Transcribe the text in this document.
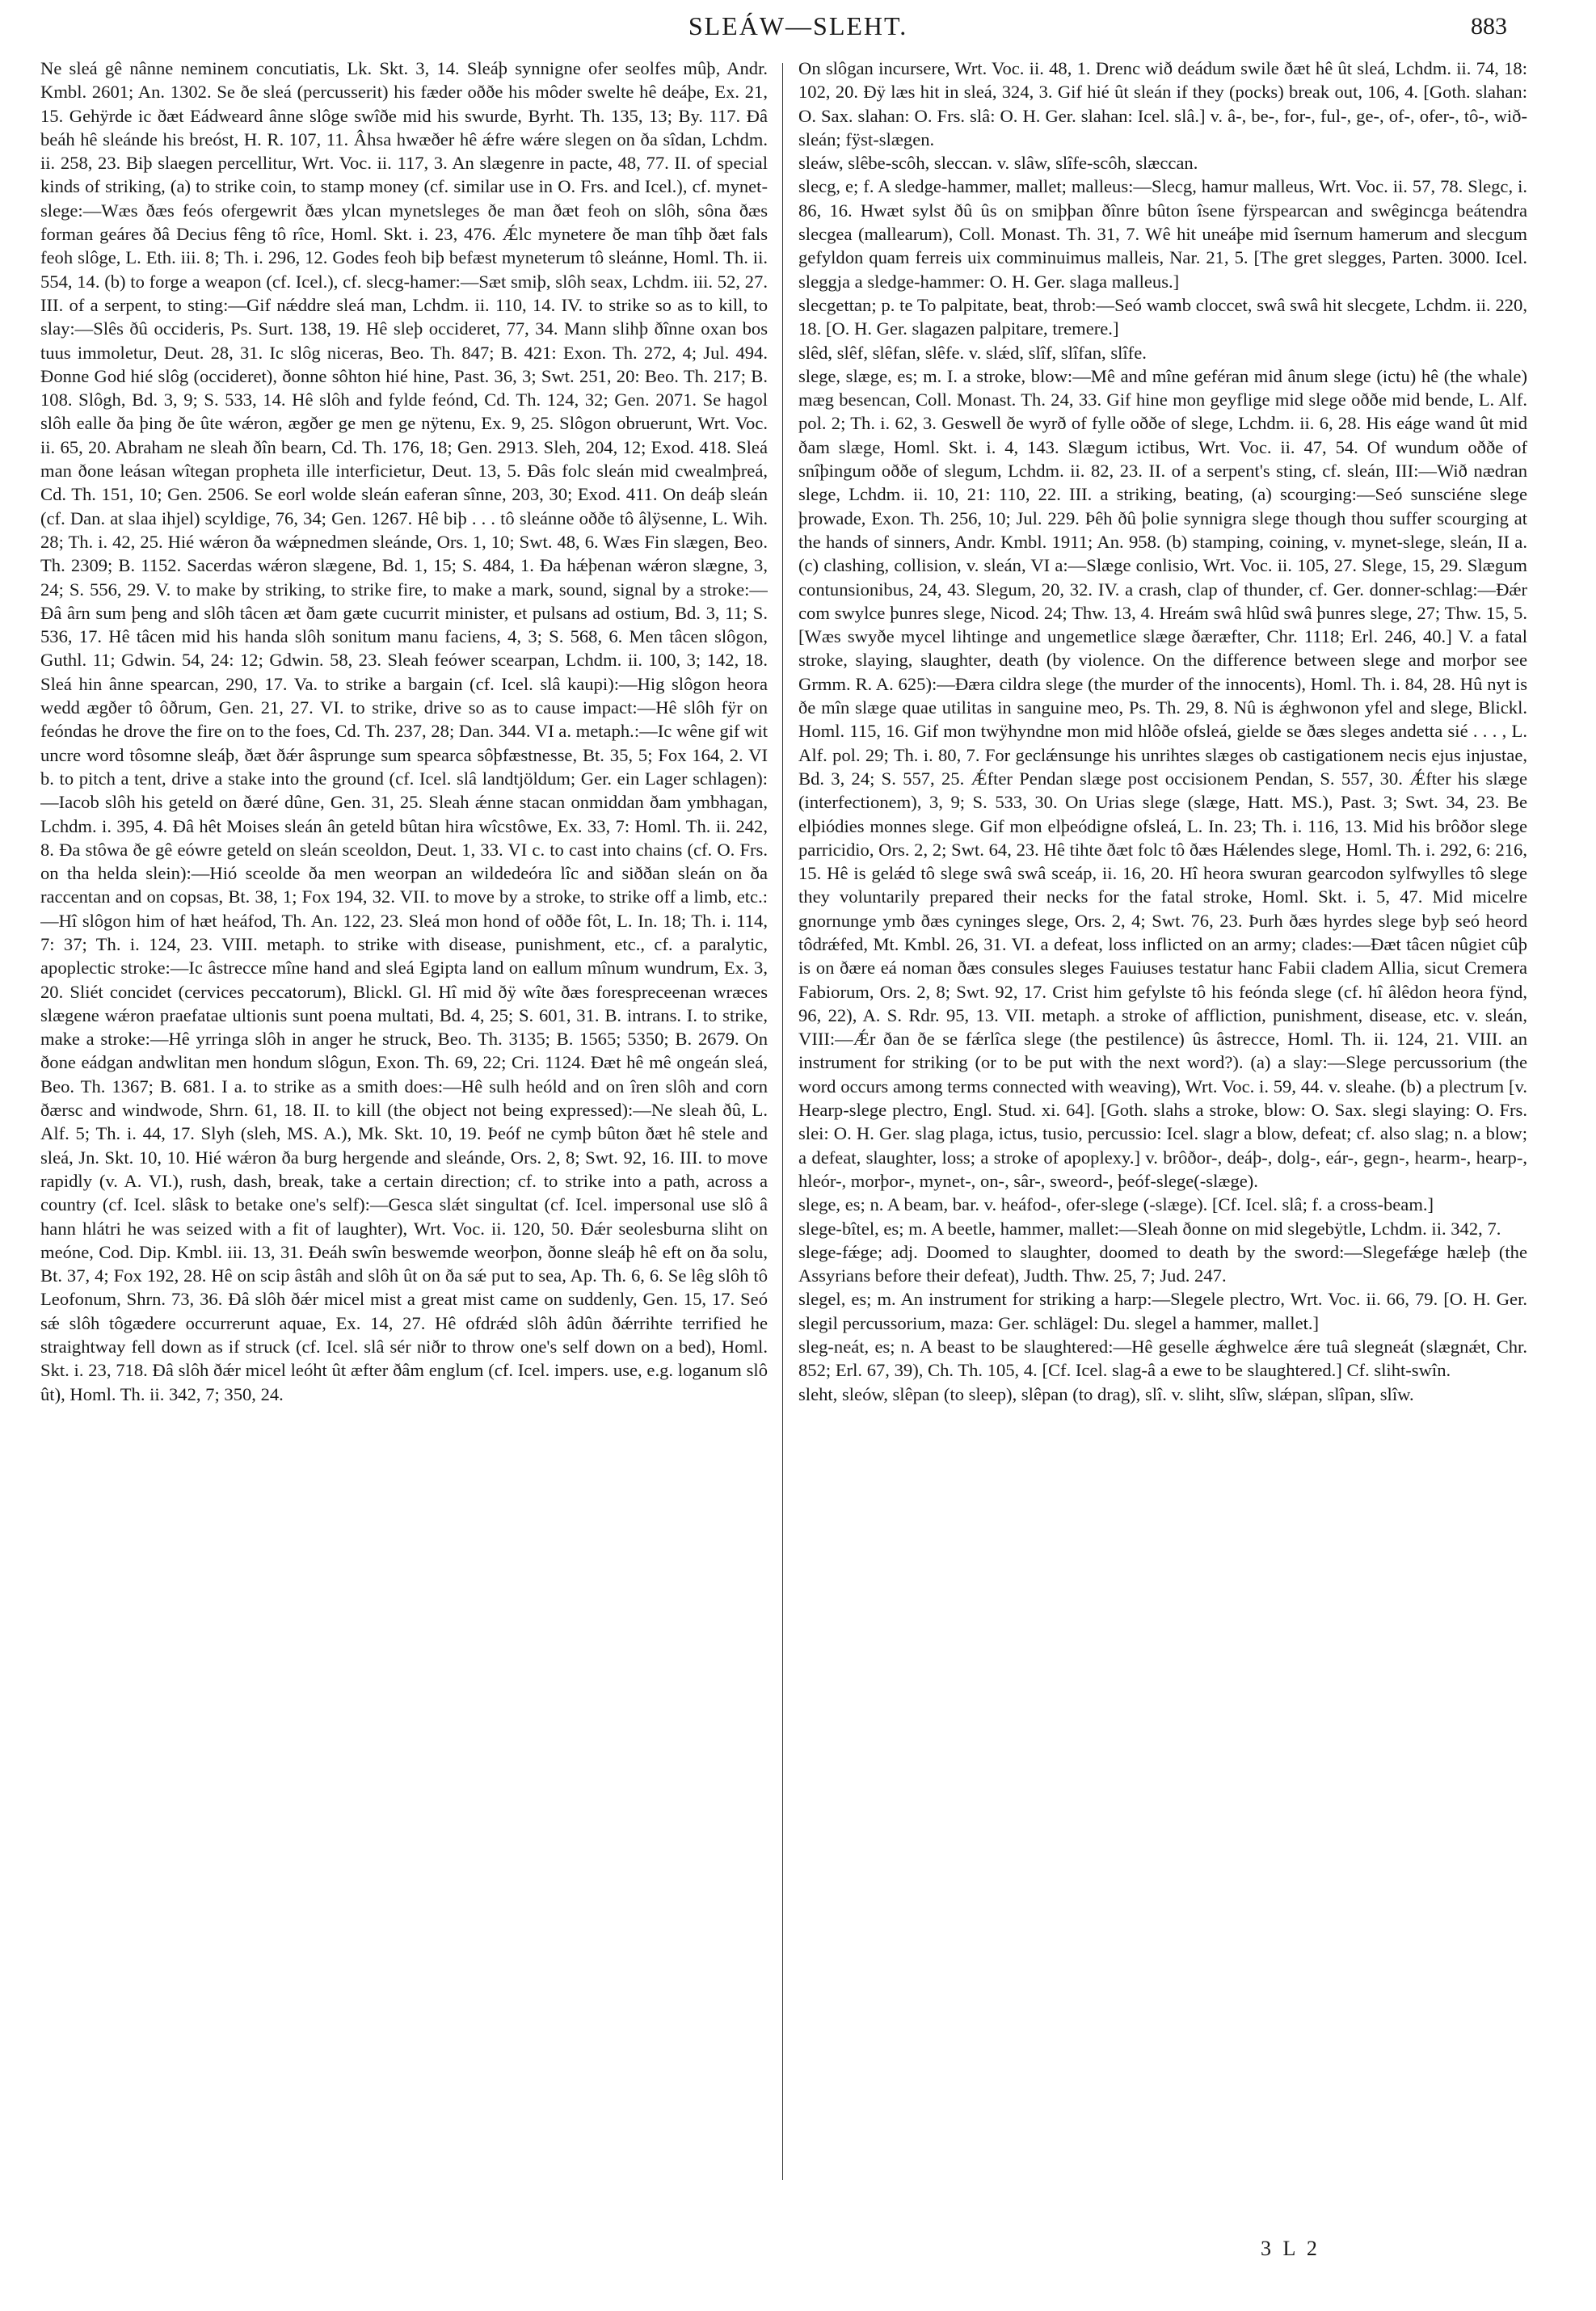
SLEÁW—SLEHT.	883

Ne sleá gê nânne neminem concutiatis, Lk. Skt. 3, 14. Sleáþ synnigne ofer seolfes mûþ, Andr. Kmbl. 2601; An. 1302. Se ðe sleá (percusserit) his fæder oððe his môder swelte hê deáþe, Ex. 21, 15. Gehÿrde ic ðæt Eádweard ânne slôge swîðe mid his swurde, Byrht. Th. 135, 13; By. 117. Ðâ beáh hê sleánde his breóst, H. R. 107, 11. Âhsa hwæðer hê ǽfre wǽre slegen on ða sîdan, Lchdm. ii. 258, 23. Biþ slaegen percellitur, Wrt. Voc. ii. 117, 3. An slægenre in pacte, 48, 77. II. of special kinds of striking, (a) to strike coin, to stamp money (cf. similar use in O. Frs. and Icel.), cf. mynet-slege:—Wæs ðæs feós ofergewrit ðæs ylcan mynetsleges ðe man ðæt feoh on slôh, sôna ðæs forman geáres ðâ Decius fêng tô rîce, Homl. Skt. i. 23, 476. Ǽlc mynetere ðe man tîhþ ðæt fals feoh slôge, L. Eth. iii. 8; Th. i. 296, 12. Godes feoh biþ befæst myneterum tô sleánne, Homl. Th. ii. 554, 14. (b) to forge a weapon (cf. Icel.), cf. slecg-hamer:—Sæt smiþ, slôh seax, Lchdm. iii. 52, 27. III. of a serpent, to sting:—Gif nǽddre sleá man, Lchdm. ii. 110, 14. IV. to strike so as to kill, to slay:—Slês ðû occideris, Ps. Surt. 138, 19. Hê sleþ occideret, 77, 34. Mann slihþ ðînne oxan bos tuus immoletur, Deut. 28, 31. Ic slôg niceras, Beo. Th. 847; B. 421: Exon. Th. 272, 4; Jul. 494. Ðonne God hié slôg (occideret), ðonne sôhton hié hine, Past. 36, 3; Swt. 251, 20: Beo. Th. 217; B. 108. Slôgh, Bd. 3, 9; S. 533, 14. Hê slôh and fylde feónd, Cd. Th. 124, 32; Gen. 2071. Se hagol slôh ealle ða þing ðe ûte wǽron, ægðer ge men ge nÿtenu, Ex. 9, 25. Slôgon obruerunt, Wrt. Voc. ii. 65, 20. Abraham ne sleah ðîn bearn, Cd. Th. 176, 18; Gen. 2913. Sleh, 204, 12; Exod. 418. Sleá man ðone leásan wîtegan propheta ille interficietur, Deut. 13, 5. Ðâs folc sleán mid cwealmþreá, Cd. Th. 151, 10; Gen. 2506. Se eorl wolde sleán eaferan sînne, 203, 30; Exod. 411. On deáþ sleán (cf. Dan. at slaa ihjel) scyldige, 76, 34; Gen. 1267. Hê biþ . . . tô sleánne oððe tô âlÿsenne, L. Wih. 28; Th. i. 42, 25. Hié wǽron ða wǽpnedmen sleánde, Ors. 1, 10; Swt. 48, 6. Wæs Fin slægen, Beo. Th. 2309; B. 1152. Sacerdas wǽron slægene, Bd. 1, 15; S. 484, 1. Ða hǽþenan wǽron slægne, 3, 24; S. 556, 29. V. to make by striking, to strike fire, to make a mark, sound, signal by a stroke:—Ðâ ârn sum þeng and slôh tâcen æt ðam gæte cucurrit minister, et pulsans ad ostium, Bd. 3, 11; S. 536, 17. Hê tâcen mid his handa slôh sonitum manu faciens, 4, 3; S. 568, 6. Men tâcen slôgon, Guthl. 11; Gdwin. 54, 24: 12; Gdwin. 58, 23. Sleah feówer scearpan, Lchdm. ii. 100, 3; 142, 18. Sleá hin ânne spearcan, 290, 17. Va. to strike a bargain (cf. Icel. slâ kaupi):—Hig slôgon heora wedd ægðer tô ôðrum, Gen. 21, 27. VI. to strike, drive so as to cause impact:—Hê slôh fÿr on feóndas he drove the fire on to the foes, Cd. Th. 237, 28; Dan. 344. VI a. metaph.:—Ic wêne gif wit uncre word tôsomne sleáþ, ðæt ðǽr âsprunge sum spearca sôþfæstnesse, Bt. 35, 5; Fox 164, 2. VI b. to pitch a tent, drive a stake into the ground (cf. Icel. slâ landtjöldum; Ger. ein Lager schlagen):—Iacob slôh his geteld on ðæré dûne, Gen. 31, 25. Sleah ǽnne stacan onmiddan ðam ymbhagan, Lchdm. i. 395, 4. Ðâ hêt Moises sleán ân geteld bûtan hira wîcstôwe, Ex. 33, 7: Homl. Th. ii. 242, 8. Ða stôwa ðe gê eówre geteld on sleán sceoldon, Deut. 1, 33. VI c. to cast into chains (cf. O. Frs. on tha helda slein):—Hió sceolde ða men weorpan an wildedeóra lîc and siððan sleán on ða raccentan and on copsas, Bt. 38, 1; Fox 194, 32. VII. to move by a stroke, to strike off a limb, etc.:—Hî slôgon him of hæt heáfod, Th. An. 122, 23. Sleá mon hond of oððe fôt, L. In. 18; Th. i. 114, 7: 37; Th. i. 124, 23. VIII. metaph. to strike with disease, punishment, etc., cf. a paralytic, apoplectic stroke:—Ic âstrecce mîne hand and sleá Egipta land on eallum mînum wundrum, Ex. 3, 20. Sliét concidet (cervices peccatorum), Blickl. Gl. Hî mid ðÿ wîte ðæs forespreceenan wræces slægene wǽron praefatae ultionis sunt poena multati, Bd. 4, 25; S. 601, 31. B. intrans. I. to strike, make a stroke:—Hê yrringa slôh in anger he struck, Beo. Th. 3135; B. 1565; 5350; B. 2679. On ðone eádgan andwlitan men hondum slôgun, Exon. Th. 69, 22; Cri. 1124. Ðæt hê mê ongeán sleá, Beo. Th. 1367; B. 681. I a. to strike as a smith does:—Hê sulh heóld and on îren slôh and corn ðærsc and windwode, Shrn. 61, 18. II. to kill (the object not being expressed):—Ne sleah ðû, L. Alf. 5; Th. i. 44, 17. Slyh (sleh, MS. A.), Mk. Skt. 10, 19. Þeóf ne cymþ bûton ðæt hê stele and sleá, Jn. Skt. 10, 10. Hié wǽron ða burg hergende and sleánde, Ors. 2, 8; Swt. 92, 16. III. to move rapidly (v. A. VI.), rush, dash, break, take a certain direction; cf. to strike into a path, across a country (cf. Icel. slâsk to betake one's self):—Gesca slǽt singultat (cf. Icel. impersonal use slô â hann hlátri he was seized with a fit of laughter), Wrt. Voc. ii. 120, 50. Ðǽr seolesburna sliht on meóne, Cod. Dip. Kmbl. iii. 13, 31. Ðeáh swîn beswemde weorþon, ðonne sleáþ hê eft on ða solu, Bt. 37, 4; Fox 192, 28. Hê on scip âstâh and slôh ût on ða sǽ put to sea, Ap. Th. 6, 6. Se lêg slôh tô Leofonum, Shrn. 73, 36. Ðâ slôh ðǽr micel mist a great mist came on suddenly, Gen. 15, 17. Seó sǽ slôh tôgædere occurrerunt aquae, Ex. 14, 27. Hê ofdrǽd slôh âdûn ðǽrrihte terrified he straightway fell down as if struck (cf. Icel. slâ sér niðr to throw one's self down on a bed), Homl. Skt. i. 23, 718. Ðâ slôh ðǽr micel leóht ût æfter ðâm englum (cf. Icel. impers. use, e.g. loganum slô ût), Homl. Th. ii. 342, 7; 350, 24.

On slôgan incursere, Wrt. Voc. ii. 48, 1. Drenc wið deádum swile ðæt hê ût sleá, Lchdm. ii. 74, 18: 102, 20. Ðÿ læs hit in sleá, 324, 3. Gif hié ût sleán if they (pocks) break out, 106, 4. [Goth. slahan: O. Sax. slahan: O. Frs. slâ: O. H. Ger. slahan: Icel. slâ.] v. â-, be-, for-, ful-, ge-, of-, ofer-, tô-, wið-sleán; fÿst-slægen.

sleáw, slêbe-scôh, sleccan. v. slâw, slîfe-scôh, slæccan.

slecg, e; f. A sledge-hammer, mallet; malleus:—Slecg, hamur malleus, Wrt. Voc. ii. 57, 78. Slegc, i. 86, 16. Hwæt sylst ðû ûs on smiþþan ðînre bûton îsene fÿrspearcan and swêgincga beátendra slecgea (mallearum), Coll. Monast. Th. 31, 7. Wê hit uneáþe mid îsernum hamerum and slecgum gefyldon quam ferreis uix comminuimus malleis, Nar. 21, 5. [The gret slegges, Parten. 3000. Icel. sleggja a sledge-hammer: O. H. Ger. slaga malleus.]

slecgettan; p. te To palpitate, beat, throb:—Seó wamb cloccet, swâ swâ hit slecgete, Lchdm. ii. 220, 18. [O. H. Ger. slagazen palpitare, tremere.]

slêd, slêf, slêfan, slêfe. v. slǽd, slîf, slîfan, slîfe.

slege, slæge, es; m. I. a stroke, blow:—Mê and mîne geféran mid ânum slege (ictu) hê (the whale) mæg besencan, Coll. Monast. Th. 24, 33. Gif hine mon geyflige mid slege oððe mid bende, L. Alf. pol. 2; Th. i. 62, 3. Geswell ðe wyrð of fylle oððe of slege, Lchdm. ii. 6, 28. His eáge wand ût mid ðam slæge, Homl. Skt. i. 4, 143. Slægum ictibus, Wrt. Voc. ii. 47, 54. Of wundum oððe of snîþingum oððe of slegum, Lchdm. ii. 82, 23. II. of a serpent's sting, cf. sleán, III:—Wið nædran slege, Lchdm. ii. 10, 21: 110, 22. III. a striking, beating, (a) scourging:—Seó sunsciéne slege þrowade, Exon. Th. 256, 10; Jul. 229. Þêh ðû þolie synnigra slege though thou suffer scourging at the hands of sinners, Andr. Kmbl. 1911; An. 958. (b) stamping, coining, v. mynet-slege, sleán, II a. (c) clashing, collision, v. sleán, VI a:—Slæge conlisio, Wrt. Voc. ii. 105, 27. Slege, 15, 29. Slægum contunsionibus, 24, 43. Slegum, 20, 32. IV. a crash, clap of thunder, cf. Ger. donner-schlag:—Ðǽr com swylce þunres slege, Nicod. 24; Thw. 13, 4. Hreám swâ hlûd swâ þunres slege, 27; Thw. 15, 5. [Wæs swyðe mycel lihtinge and ungemetlice slæge ðæræfter, Chr. 1118; Erl. 246, 40.] V. a fatal stroke, slaying, slaughter, death (by violence. On the difference between slege and morþor see Grmm. R. A. 625):—Ðæra cildra slege (the murder of the innocents), Homl. Th. i. 84, 28. Hû nyt is ðe mîn slæge quae utilitas in sanguine meo, Ps. Th. 29, 8. Nû is ǽghwonon yfel and slege, Blickl. Homl. 115, 16. Gif mon twÿhyndne mon mid hlôðe ofsleá, gielde se ðæs sleges andetta sié . . . , L. Alf. pol. 29; Th. i. 80, 7. For geclǽnsunge his unrihtes slæges ob castigationem necis ejus injustae, Bd. 3, 24; S. 557, 25. Ǽfter Pendan slæge post occisionem Pendan, S. 557, 30. Ǽfter his slæge (interfectionem), 3, 9; S. 533, 30. On Urias slege (slæge, Hatt. MS.), Past. 3; Swt. 34, 23. Be elþiódies monnes slege. Gif mon elþeódigne ofsleá, L. In. 23; Th. i. 116, 13. Mid his brôðor slege parricidio, Ors. 2, 2; Swt. 64, 23. Hê tihte ðæt folc tô ðæs Hǽlendes slege, Homl. Th. i. 292, 6: 216, 15. Hê is gelǽd tô slege swâ swâ sceáp, ii. 16, 20. Hî heora swuran gearcodon sylfwylles tô slege they voluntarily prepared their necks for the fatal stroke, Homl. Skt. i. 5, 47. Mid micelre gnornunge ymb ðæs cyninges slege, Ors. 2, 4; Swt. 76, 23. Þurh ðæs hyrdes slege byþ seó heord tôdrǽfed, Mt. Kmbl. 26, 31. VI. a defeat, loss inflicted on an army; clades:—Ðæt tâcen nûgiet cûþ is on ðære eá noman ðæs consules sleges Fauiuses testatur hanc Fabii cladem Allia, sicut Cremera Fabiorum, Ors. 2, 8; Swt. 92, 17. Crist him gefylste tô his feónda slege (cf. hî âlêdon heora fÿnd, 96, 22), A. S. Rdr. 95, 13. VII. metaph. a stroke of affliction, punishment, disease, etc. v. sleán, VIII:—Ǽr ðan ðe se fǽrlîca slege (the pestilence) ûs âstrecce, Homl. Th. ii. 124, 21. VIII. an instrument for striking (or to be put with the next word?). (a) a slay:—Slege percussorium (the word occurs among terms connected with weaving), Wrt. Voc. i. 59, 44. v. sleahe. (b) a plectrum [v. Hearp-slege plectro, Engl. Stud. xi. 64]. [Goth. slahs a stroke, blow: O. Sax. slegi slaying: O. Frs. slei: O. H. Ger. slag plaga, ictus, tusio, percussio: Icel. slagr a blow, defeat; cf. also slag; n. a blow; a defeat, slaughter, loss; a stroke of apoplexy.] v. brôðor-, deáþ-, dolg-, eár-, gegn-, hearm-, hearp-, hleór-, morþor-, mynet-, on-, sâr-, sweord-, þeóf-slege(-slæge).

slege, es; n. A beam, bar. v. heáfod-, ofer-slege (-slæge). [Cf. Icel. slâ; f. a cross-beam.]

slege-bîtel, es; m. A beetle, hammer, mallet:—Sleah ðonne on mid slegebÿtle, Lchdm. ii. 342, 7.

slege-fǽge; adj. Doomed to slaughter, doomed to death by the sword:—Slegefǽge hæleþ (the Assyrians before their defeat), Judth. Thw. 25, 7; Jud. 247.

slegel, es; m. An instrument for striking a harp:—Slegele plectro, Wrt. Voc. ii. 66, 79. [O. H. Ger. slegil percussorium, maza: Ger. schlägel: Du. slegel a hammer, mallet.]

sleg-neát, es; n. A beast to be slaughtered:—Hê geselle ǽghwelce ǽre tuâ slegneát (slægnǽt, Chr. 852; Erl. 67, 39), Ch. Th. 105, 4. [Cf. Icel. slag-â a ewe to be slaughtered.] Cf. sliht-swîn.

sleht, sleów, slêpan (to sleep), slêpan (to drag), slî. v. sliht, slîw, slǽpan, slîpan, slîw.

3 L 2
